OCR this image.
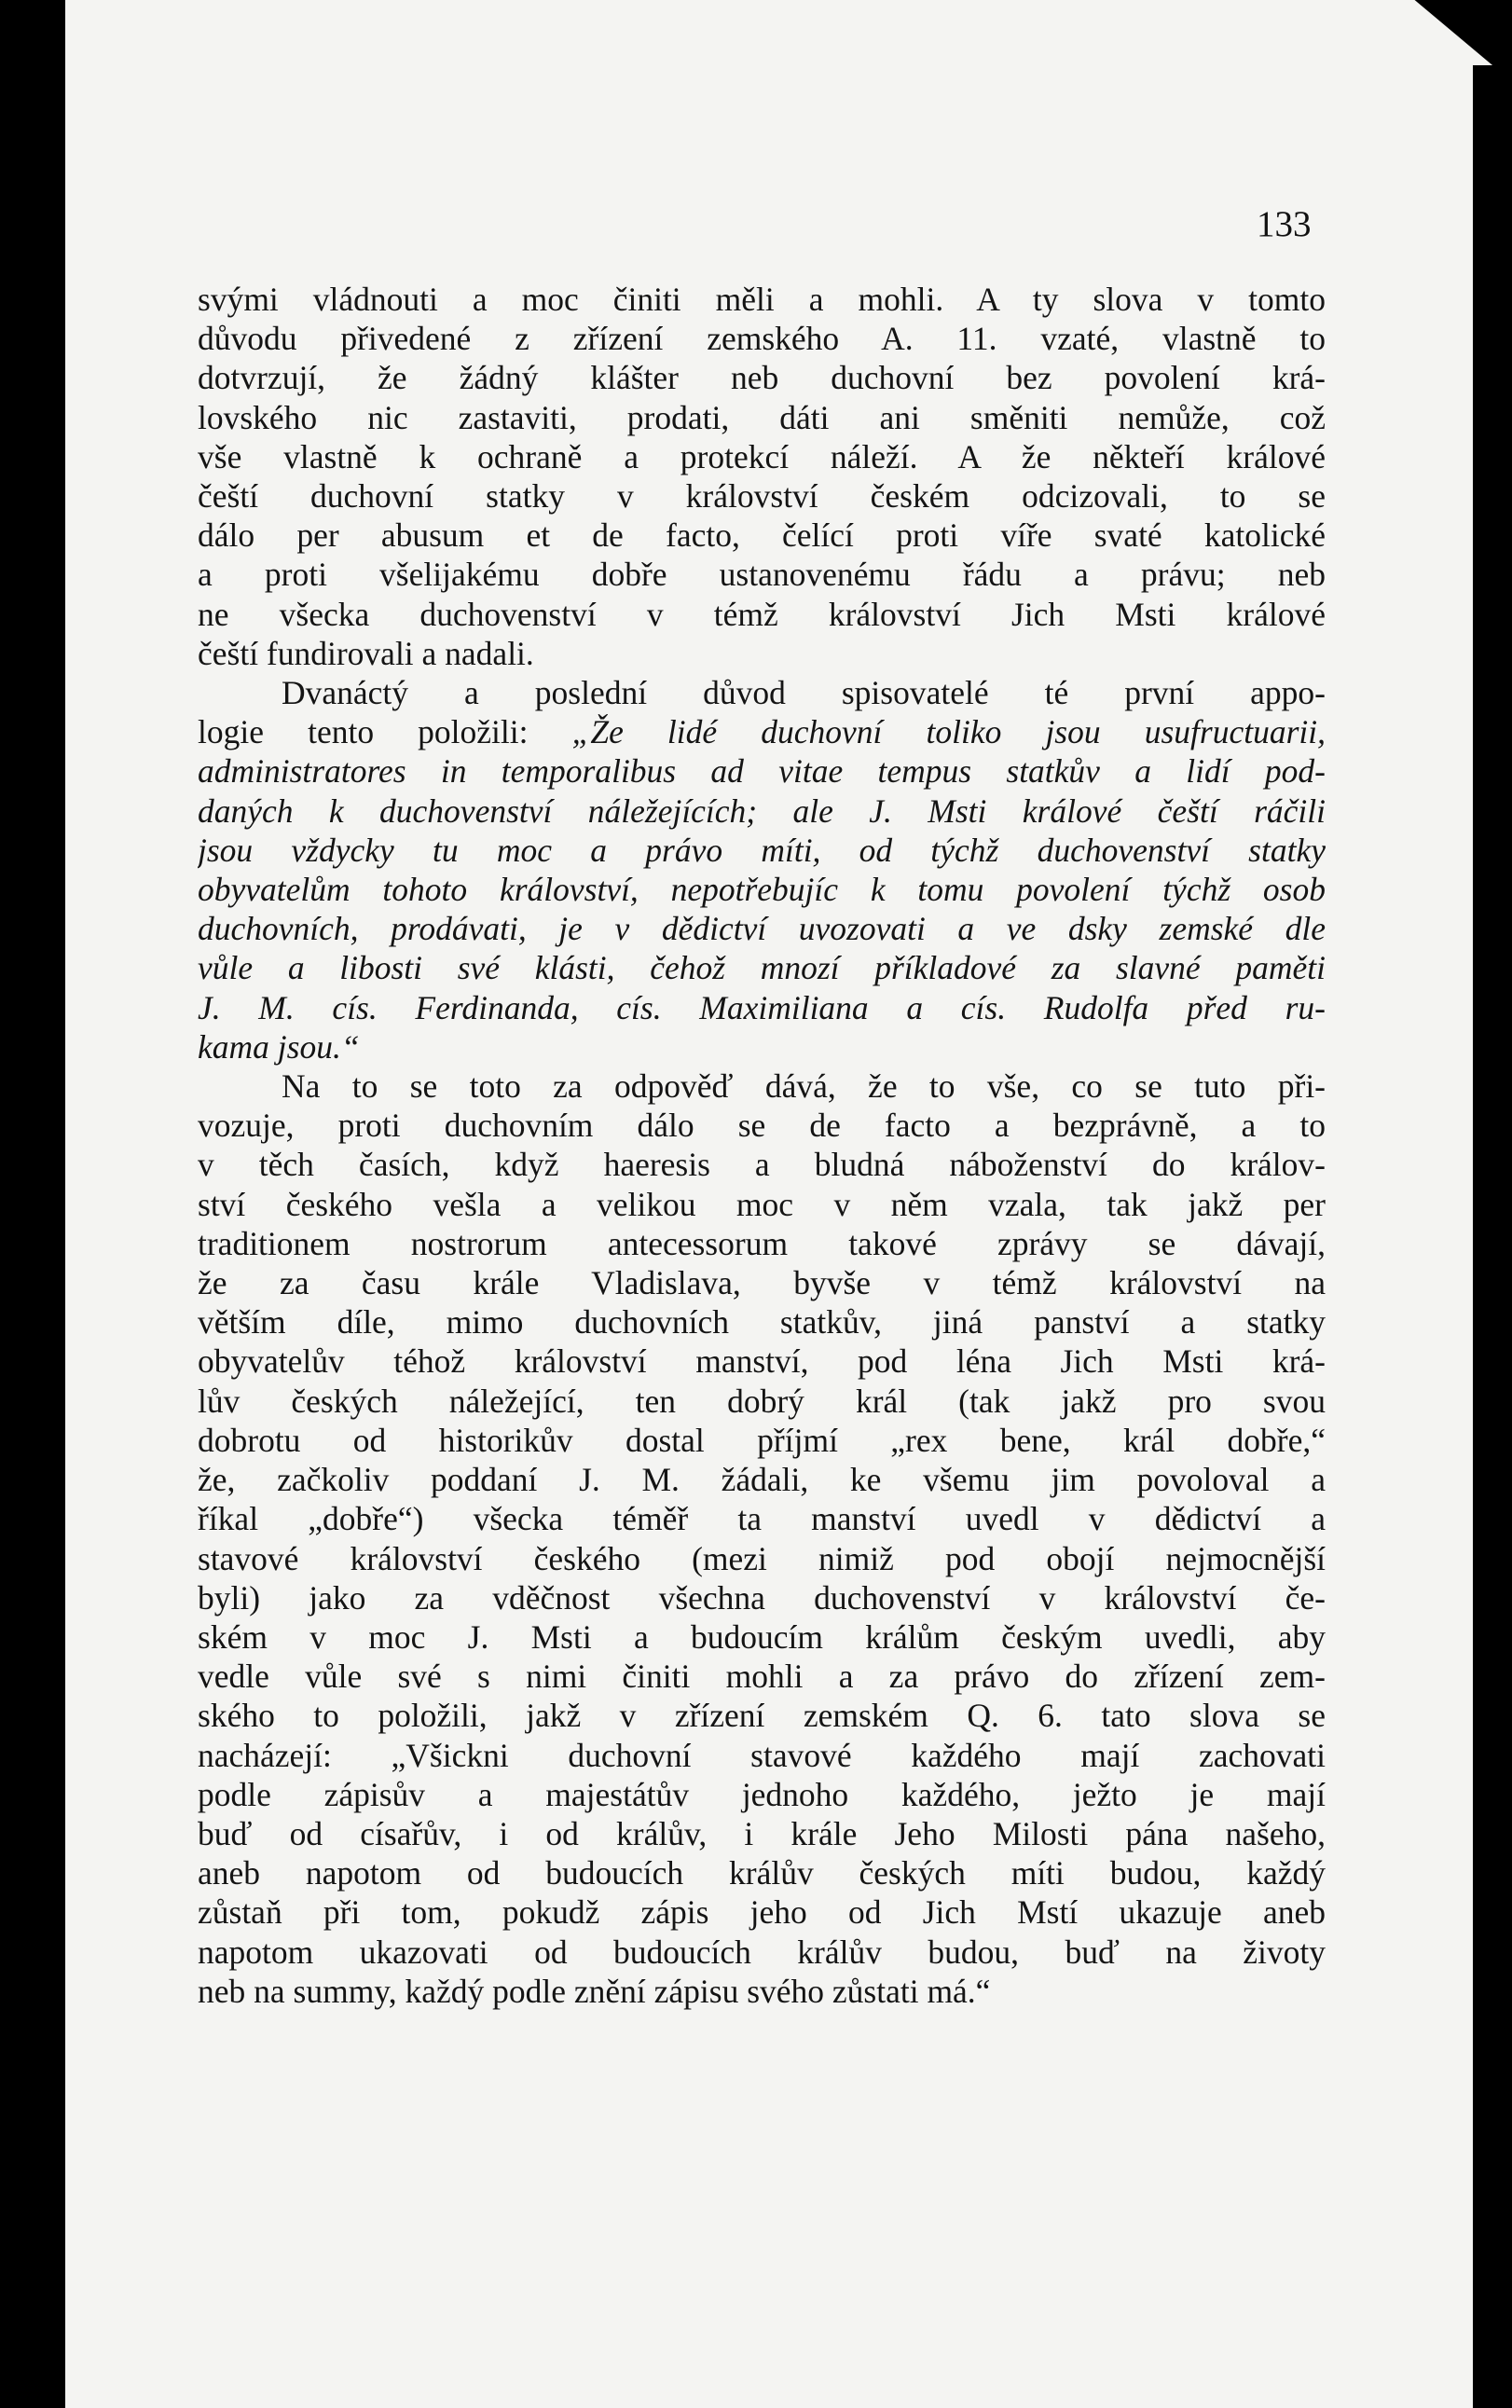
133
svými vládnouti a moc činiti měli a mohli. A ty slova v tomto
důvodu přivedené z zřízení zemského A. 11. vzaté, vlastně to
dotvrzují, že žádný klášter neb duchovní bez povolení krá-
lovského nic zastaviti, prodati, dáti ani směniti nemůže, což
vše vlastně k ochraně a protekcí náleží. A že někteří králové
čeští duchovní statky v království českém odcizovali, to se
dálo per abusum et de facto, čelící proti víře svaté katolické
a proti všelijakému dobře ustanovenému řádu a právu; neb
ne všecka duchovenství v témž království Jich Msti králové
čeští fundirovali a nadali.
Dvanáctý a poslední důvod spisovatelé té první appo-
logie tento položili: „Že lidé duchovní toliko jsou usufructuarii,
administratores in temporalibus ad vitae tempus statkův a lidí pod-
daných k duchovenství náležejících; ale J. Msti králové čeští ráčili
jsou vždycky tu moc a právo míti, od týchž duchovenství statky
obyvatelům tohoto království, nepotřebujíc k tomu povolení týchž osob
duchovních, prodávati, je v dědictví uvozovati a ve dsky zemské dle
vůle a libosti své klásti, čehož mnozí příkladové za slavné paměti
J. M. cís. Ferdinanda, cís. Maximiliana a cís. Rudolfa před ru-
kama jsou.“
Na to se toto za odpověď dává, že to vše, co se tuto při-
vozuje, proti duchovním dálo se de facto a bezprávně, a to
v těch časích, když haeresis a bludná náboženství do králov-
ství českého vešla a velikou moc v něm vzala, tak jakž per
traditionem nostrorum antecessorum takové zprávy se dávají,
že za času krále Vladislava, byvše v témž království na
větším díle, mimo duchovních statkův, jiná panství a statky
obyvatelův téhož království manství, pod léna Jich Msti krá-
lův českých náležející, ten dobrý král (tak jakž pro svou
dobrotu od historikův dostal příjmí „rex bene, král dobře,“
že, začkoliv poddaní J. M. žádali, ke všemu jim povoloval a
říkal „dobře“) všecka téměř ta manství uvedl v dědictví a
stavové království českého (mezi nimiž pod obojí nejmocnější
byli) jako za vděčnost všechna duchovenství v království če-
ském v moc J. Msti a budoucím králům českým uvedli, aby
vedle vůle své s nimi činiti mohli a za právo do zřízení zem-
ského to položili, jakž v zřízení zemském Q. 6. tato slova se
nacházejí: „Všickni duchovní stavové každého mají zachovati
podle zápisův a majestátův jednoho každého, ježto je mají
buď od císařův, i od králův, i krále Jeho Milosti pána našeho,
aneb napotom od budoucích králův českých míti budou, každý
zůstaň při tom, pokudž zápis jeho od Jich Mstí ukazuje aneb
napotom ukazovati od budoucích králův budou, buď na životy
neb na summy, každý podle znění zápisu svého zůstati má.“
